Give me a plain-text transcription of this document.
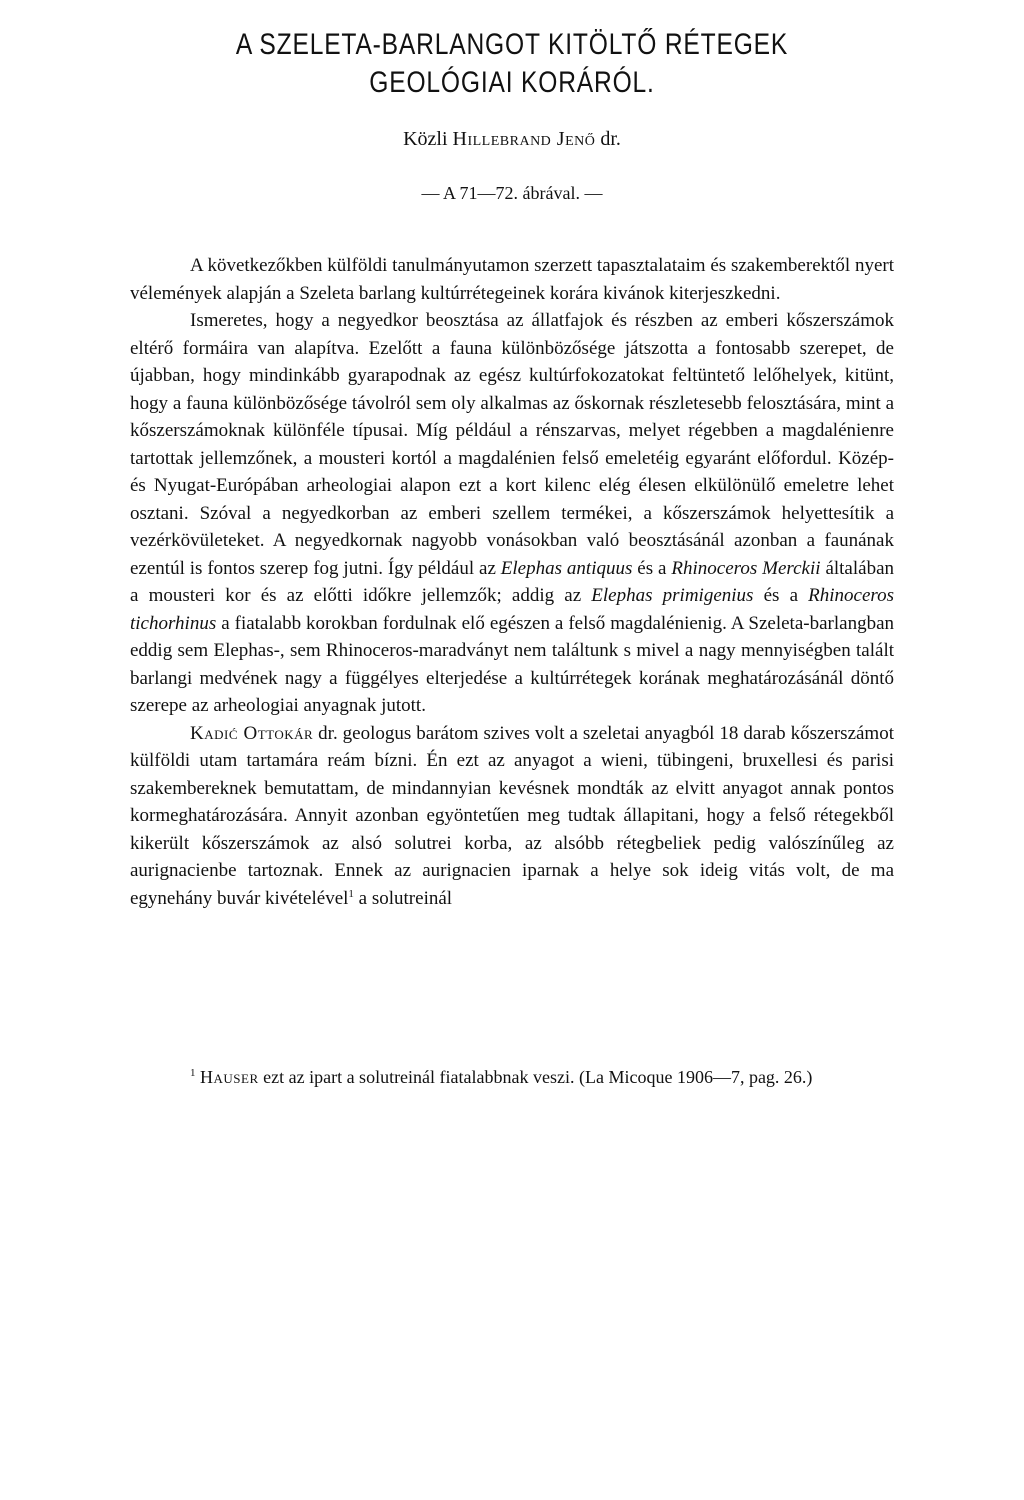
A SZELETA-BARLANGOT KITÖLTŐ RÉTEGEK
GEOLÓGIAI KORÁRÓL.
Közli Hillebrand Jenő dr.
— A 71—72. ábrával. —

A következőkben külföldi tanulmányutamon szerzett tapasztalataim és szakemberektől nyert vélemények alapján a Szeleta barlang kultúrrétegeinek korára kivánok kiterjeszkedni.

Ismeretes, hogy a negyedkor beosztása az állatfajok és részben az emberi kőszerszámok eltérő formáira van alapítva. Ezelőtt a fauna különbözősége játszotta a fontosabb szerepet, de újabban, hogy mindinkább gyarapodnak az egész kultúrfokozatokat feltüntető lelőhelyek, kitünt, hogy a fauna különbözősége távolról sem oly alkalmas az őskornak részletesebb felosztására, mint a kőszerszámoknak különféle típusai. Míg például a rénszarvas, melyet régebben a magdalénienre tartottak jellemzőnek, a mousteri kortól a magdalénien felső emeletéig egyaránt előfordul. Közép- és Nyugat-Európában arheologiai alapon ezt a kort kilenc elég élesen elkülönülő emeletre lehet osztani. Szóval a negyedkorban az emberi szellem termékei, a kőszerszámok helyettesítik a vezérkövületeket. A negyedkornak nagyobb vonásokban való beosztásánál azonban a faunának ezentúl is fontos szerep fog jutni. Így például az Elephas antiquus és a Rhinoceros Merckii általában a mousteri kor és az előtti időkre jellemzők; addig az Elephas primigenius és a Rhinoceros tichorhinus a fiatalabb korokban fordulnak elő egészen a felső magdalénienig. A Szeleta-barlangban eddig sem Elephas-, sem Rhinoceros-maradványt nem találtunk s mivel a nagy mennyiségben talált barlangi medvének nagy a függélyes elterjedése a kultúrrétegek korának meghatározásánál döntő szerepe az arheologiai anyagnak jutott.

Kadić Ottokár dr. geologus barátom szives volt a szeletai anyagból 18 darab kőszerszámot külföldi utam tartamára reám bízni. Én ezt az anyagot a wieni, tübingeni, bruxellesi és parisi szakembereknek bemutattam, de mindannyian kevésnek mondták az elvitt anyagot annak pontos kormeghatározására. Annyit azonban egyöntetűen meg tudtak állapitani, hogy a felső rétegekből kikerült kőszerszámok az alsó solutrei korba, az alsóbb rétegbeliek pedig valószínűleg az aurignacienbe tartoznak. Ennek az aurignacien iparnak a helye sok ideig vitás volt, de ma egynehány buvár kivételével$^1$ a solutreinál

$^1$ Hauser ezt az ipart a solutreinál fiatalabbnak veszi. (La Micoque 1906—7, pag. 26.)
